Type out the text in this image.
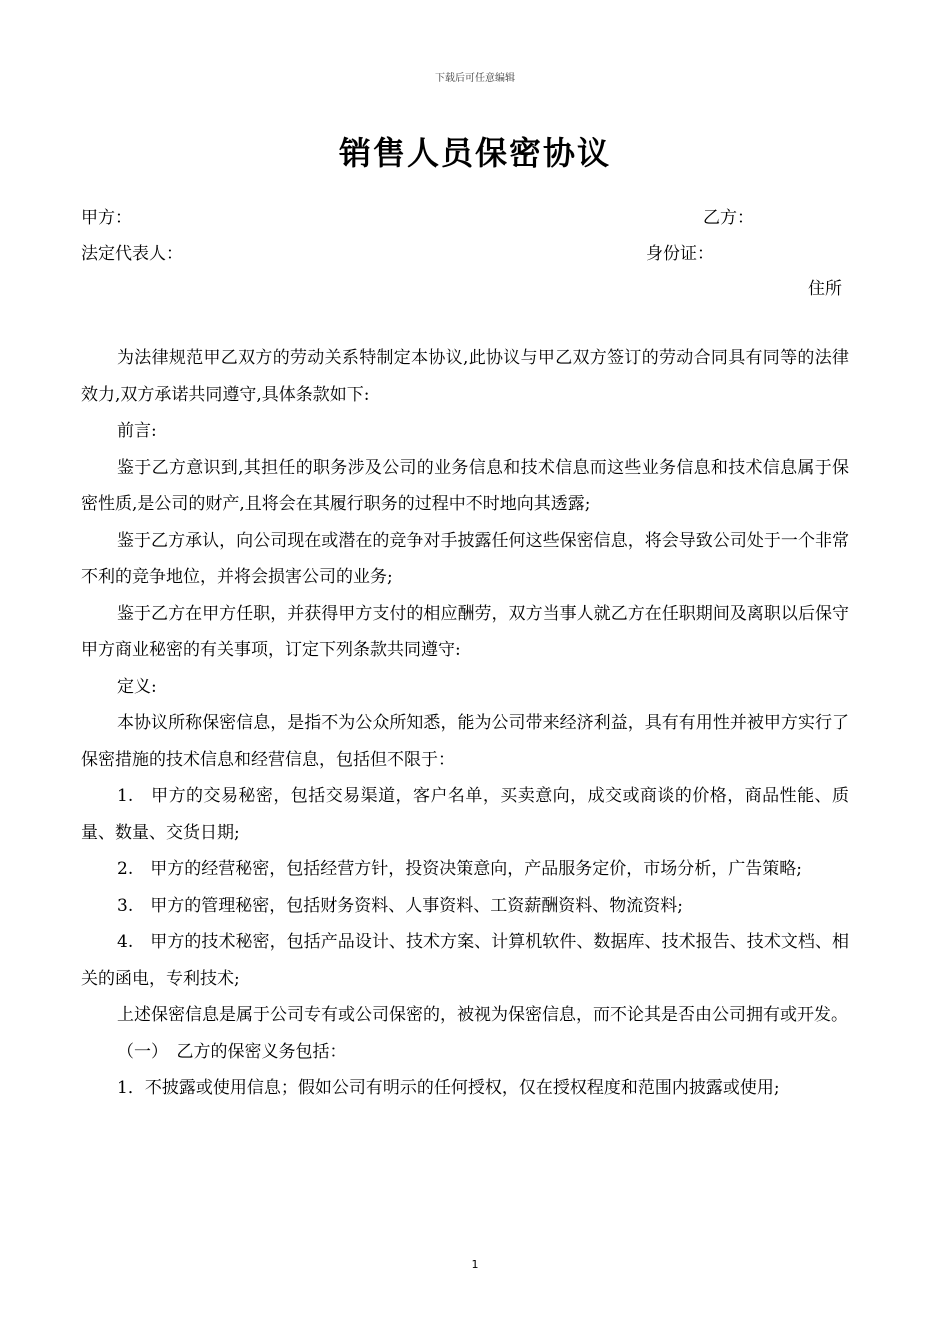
下载后可任意编辑
销售人员保密协议
甲方：	乙方：
法定代表人：	身份证：
住所

为法律规范甲乙双方的劳动关系特制定本协议,此协议与甲乙双方签订的劳动合同具有同等的法律效力,双方承诺共同遵守,具体条款如下:

前言:

鉴于乙方意识到,其担任的职务涉及公司的业务信息和技术信息而这些业务信息和技术信息属于保密性质,是公司的财产,且将会在其履行职务的过程中不时地向其透露;

鉴于乙方承认，向公司现在或潜在的竞争对手披露任何这些保密信息，将会导致公司处于一个非常不利的竞争地位，并将会损害公司的业务;

鉴于乙方在甲方任职，并获得甲方支付的相应酬劳，双方当事人就乙方在任职期间及离职以后保守甲方商业秘密的有关事项，订定下列条款共同遵守:

定义:

本协议所称保密信息，是指不为公众所知悉，能为公司带来经济利益，具有有用性并被甲方实行了保密措施的技术信息和经营信息，包括但不限于：

1.　甲方的交易秘密，包括交易渠道，客户名单，买卖意向，成交或商谈的价格，商品性能、质量、数量、交货日期;

2.　甲方的经营秘密，包括经营方针，投资决策意向，产品服务定价，市场分析，广告策略;

3.　甲方的管理秘密，包括财务资料、人事资料、工资薪酬资料、物流资料;

4.　甲方的技术秘密，包括产品设计、技术方案、计算机软件、数据库、技术报告、技术文档、相关的函电，专利技术;

上述保密信息是属于公司专有或公司保密的，被视为保密信息，而不论其是否由公司拥有或开发。

（一）　乙方的保密义务包括：

1．不披露或使用信息；假如公司有明示的任何授权，仅在授权程度和范围内披露或使用;

1
